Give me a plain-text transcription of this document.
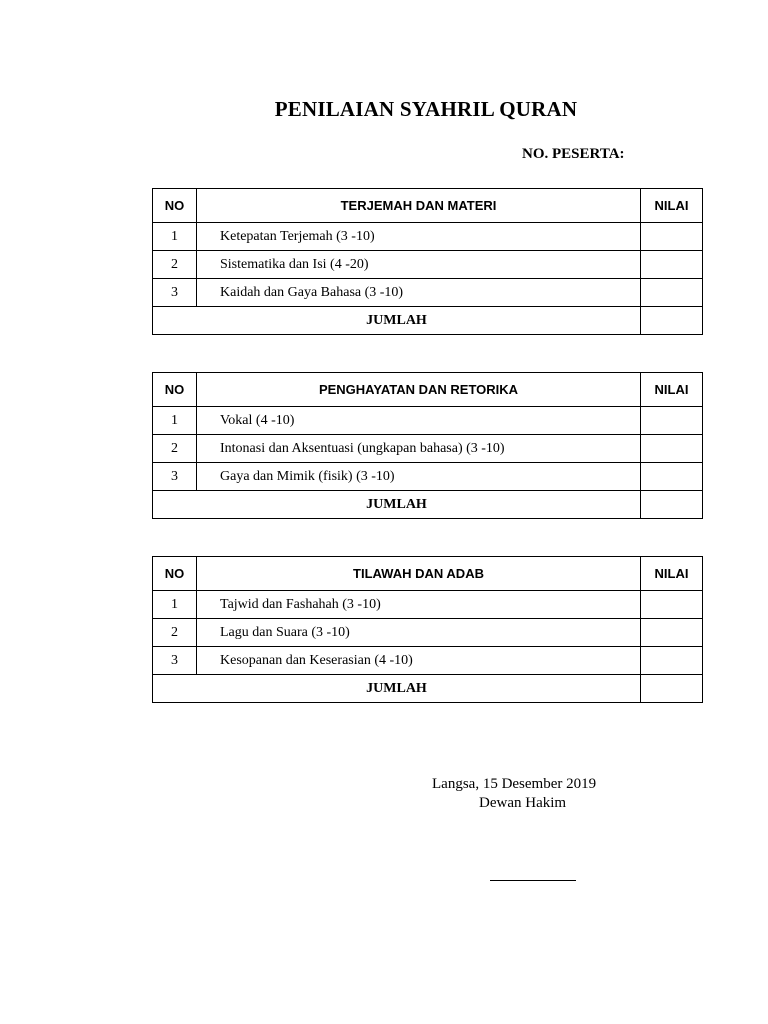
PENILAIAN SYAHRIL QURAN
NO. PESERTA:
NO	TERJEMAH DAN MATERI	NILAI
1	Ketepatan Terjemah (3 -10)	
2	Sistematika dan Isi (4 -20)	
3	Kaidah dan Gaya Bahasa (3 -10)	
JUMLAH		
NO	PENGHAYATAN DAN RETORIKA	NILAI
1	Vokal (4 -10)	
2	Intonasi dan Aksentuasi (ungkapan bahasa) (3 -10)	
3	Gaya dan Mimik (fisik) (3 -10)	
JUMLAH		
NO	TILAWAH DAN ADAB	NILAI
1	Tajwid dan Fashahah (3 -10)	
2	Lagu dan Suara (3 -10)	
3	Kesopanan dan Keserasian (4 -10)	
JUMLAH		
Langsa, 15 Desember 2019
Dewan Hakim
